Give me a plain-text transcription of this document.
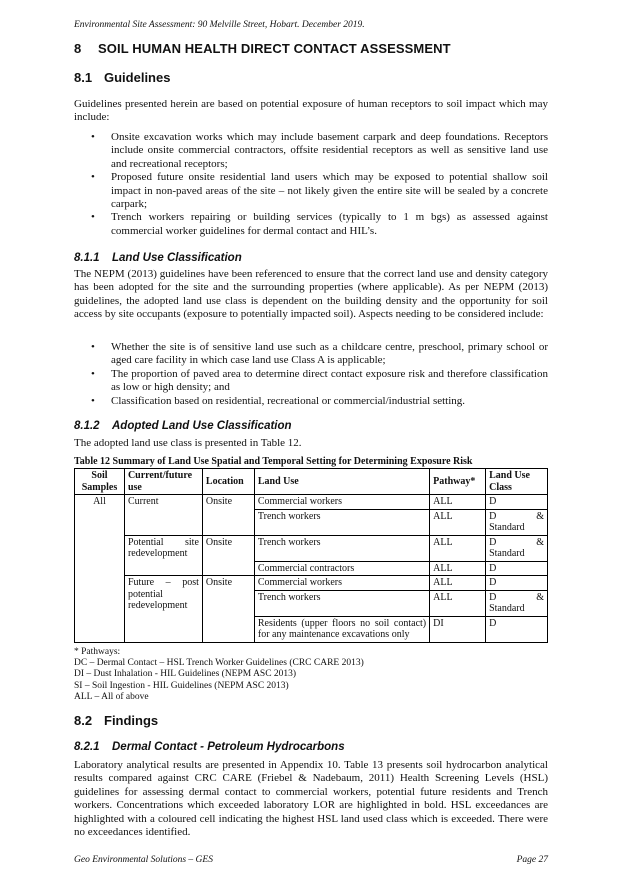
Environmental Site Assessment: 90 Melville Street, Hobart. December 2019.
8 SOIL HUMAN HEALTH DIRECT CONTACT ASSESSMENT
8.1 Guidelines

Guidelines presented herein are based on potential exposure of human receptors to soil impact which may include:

• Onsite excavation works which may include basement carpark and deep foundations. Receptors include onsite commercial contractors, offsite residential receptors as well as sensitive land use and recreational receptors;
• Proposed future onsite residential land users which may be exposed to potential shallow soil impact in non-paved areas of the site – not likely given the entire site will be sealed by a concrete carpark;
• Trench workers repairing or building services (typically to 1 m bgs) as assessed against commercial worker guidelines for dermal contact and HIL’s.
8.1.1 Land Use Classification

The NEPM (2013) guidelines have been referenced to ensure that the correct land use and density category has been adopted for the site and the surrounding properties (where applicable). As per NEPM (2013) guidelines, the adopted land use class is dependent on the building density and the opportunity for soil access by site occupants (exposure to potentially impacted soil). Aspects needing to be considered include:

• Whether the site is of sensitive land use such as a childcare centre, preschool, primary school or aged care facility in which case land use Class A is applicable;
• The proportion of paved area to determine direct contact exposure risk and therefore classification as low or high density; and
• Classification based on residential, recreational or commercial/industrial setting.
8.1.2 Adopted Land Use Classification

The adopted land use class is presented in Table 12.

Table 12 Summary of Land Use Spatial and Temporal Setting for Determining Exposure Risk
Soil Samples	Current/future use	Location	Land Use	Pathway*	Land Use Class
All	Current	Onsite	Commercial workers	ALL	D
			Trench workers	ALL	D & Standard
	Potential site redevelopment	Onsite	Trench workers	ALL	D & Standard
			Commercial contractors	ALL	D
	Future – post potential redevelopment	Onsite	Commercial workers	ALL	D
			Trench workers	ALL	D & Standard
			Residents (upper floors no soil contact) for any maintenance excavations only	DI	D
* Pathways:
DC – Dermal Contact – HSL Trench Worker Guidelines (CRC CARE 2013)
DI – Dust Inhalation - HIL Guidelines (NEPM ASC 2013)
SI – Soil Ingestion - HIL Guidelines (NEPM ASC 2013)
ALL – All of above
8.2 Findings
8.2.1 Dermal Contact - Petroleum Hydrocarbons

Laboratory analytical results are presented in Appendix 10. Table 13 presents soil hydrocarbon analytical results compared against CRC CARE (Friebel & Nadebaum, 2011) Health Screening Levels (HSL) guidelines for assessing dermal contact to commercial workers, potential future residents and Trench workers. Concentrations which exceeded laboratory LOR are highlighted in bold. HSL exceedances are highlighted with a coloured cell indicating the highest HSL land used class which is exceeded. There were no exceedances identified.

Geo Environmental Solutions – GES	Page 27
